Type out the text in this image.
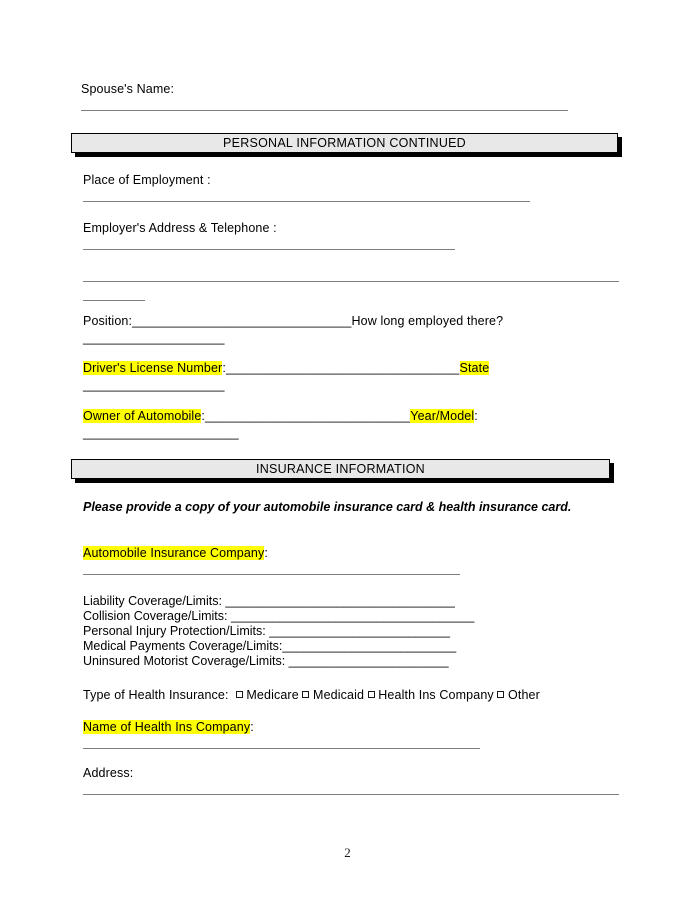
Spouse's Name:
PERSONAL INFORMATION CONTINUED
Place of Employment :
Employer's Address & Telephone :
Position:_______________________________How long employed there?
____________________
Driver's License Number:_________________________________State
____________________
Owner of Automobile:_____________________________Year/Model:
______________________
INSURANCE INFORMATION
Please provide a copy of your automobile insurance card & health insurance card.
Automobile Insurance Company:
Liability Coverage/Limits: _________________________________
Collision Coverage/Limits: ___________________________________
Personal Injury Protection/Limits: __________________________
Medical Payments Coverage/Limits:_________________________
Uninsured Motorist Coverage/Limits: _______________________
Type of Health Insurance: Medicare Medicaid Health Ins Company Other
Name of Health Ins Company:
Address:
2
